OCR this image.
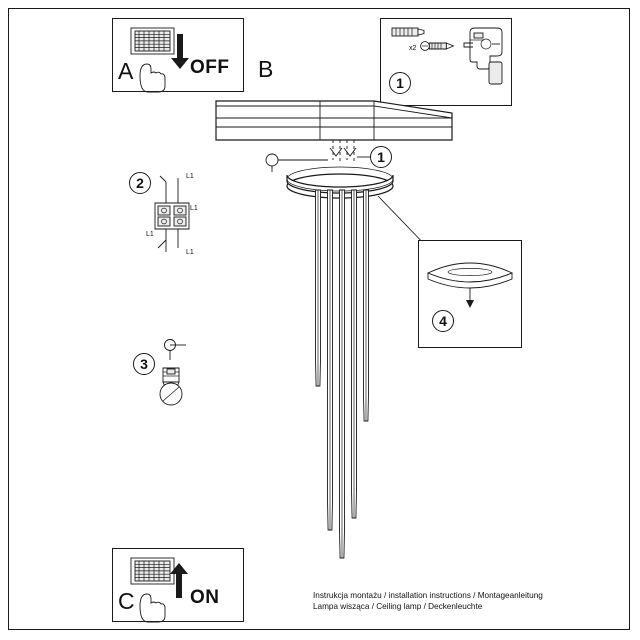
A	OFF B
1
x2
4
2	L1
L1
L1
L1
3
C	ON
1
Instrukcja montażu / installation instructions / Montageanleitung
Lampa wisząca / Ceiling lamp / Deckenleuchte
